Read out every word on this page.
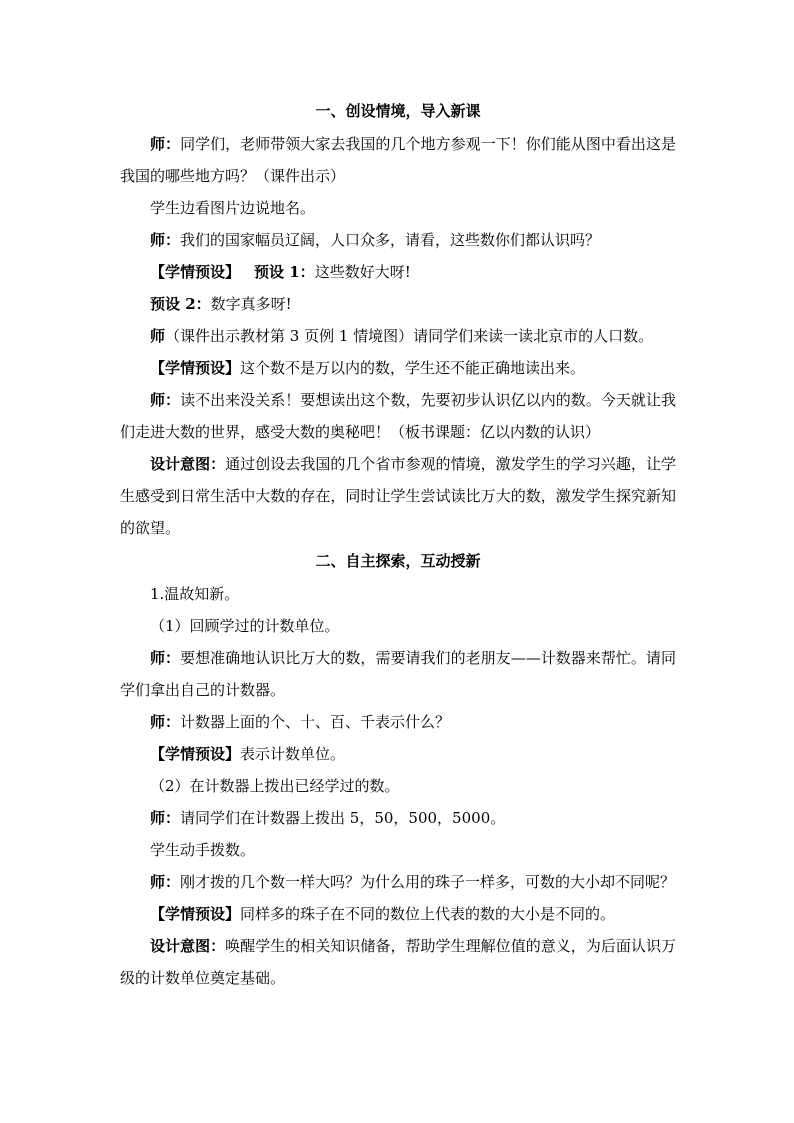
一、创设情境，导入新课

师：同学们，老师带领大家去我国的几个地方参观一下！你们能从图中看出这是我国的哪些地方吗？（课件出示）

学生边看图片边说地名。

师：我们的国家幅员辽阔，人口众多，请看，这些数你们都认识吗？

【学情预设】 预设 1：这些数好大呀!

预设 2：数字真多呀!

师（课件出示教材第 3 页例 1 情境图）请同学们来读一读北京市的人口数。

【学情预设】这个数不是万以内的数，学生还不能正确地读出来。

师：读不出来没关系！要想读出这个数，先要初步认识亿以内的数。今天就让我们走进大数的世界，感受大数的奥秘吧！（板书课题：亿以内数的认识）

设计意图：通过创设去我国的几个省市参观的情境，激发学生的学习兴趣，让学生感受到日常生活中大数的存在，同时让学生尝试读比万大的数，激发学生探究新知的欲望。

二、自主探索，互动授新

1.温故知新。

（1）回顾学过的计数单位。

师：要想准确地认识比万大的数，需要请我们的老朋友——计数器来帮忙。请同学们拿出自己的计数器。

师：计数器上面的个、十、百、千表示什么？

【学情预设】表示计数单位。

（2）在计数器上拨出已经学过的数。

师：请同学们在计数器上拨出 5，50，500，5000。

学生动手拨数。

师：刚才拨的几个数一样大吗？为什么用的珠子一样多，可数的大小却不同呢？

【学情预设】同样多的珠子在不同的数位上代表的数的大小是不同的。

设计意图：唤醒学生的相关知识储备，帮助学生理解位值的意义，为后面认识万级的计数单位奠定基础。
